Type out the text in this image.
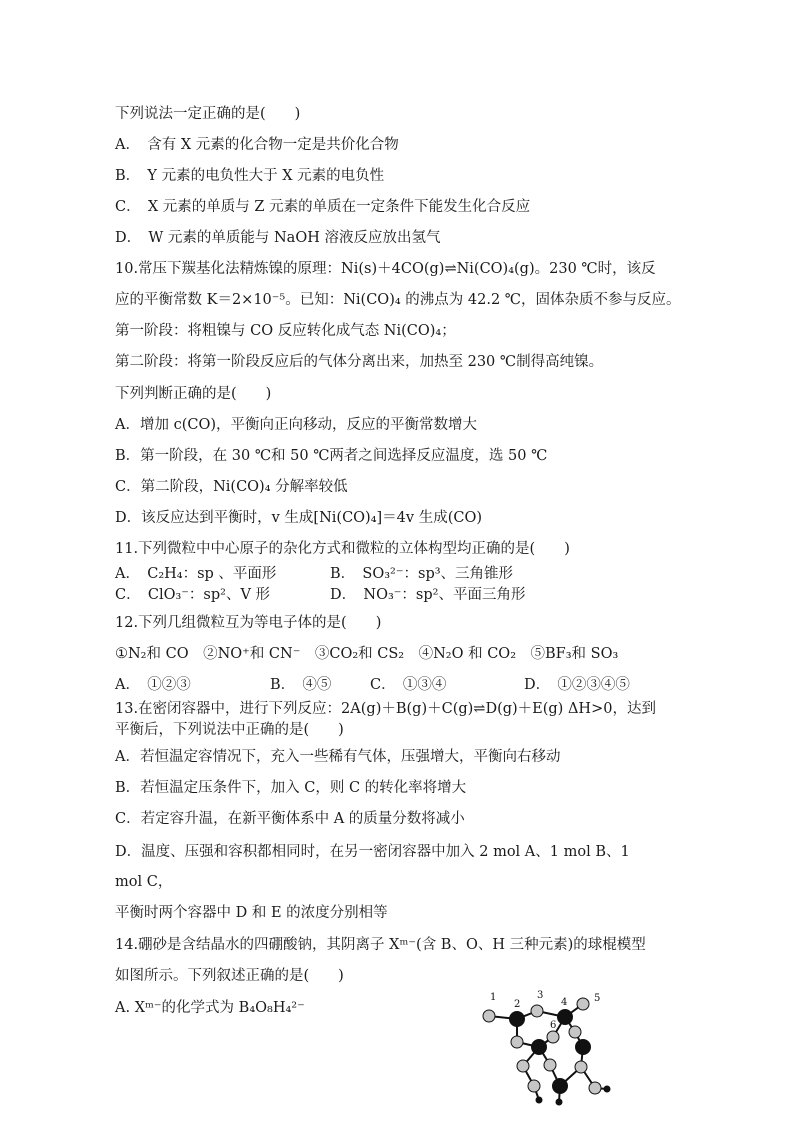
下列说法一定正确的是(　　)
A．　含有 X 元素的化合物一定是共价化合物
B．　Y 元素的电负性大于 X 元素的电负性
C．　X 元素的单质与 Z 元素的单质在一定条件下能发生化合反应
D．　W 元素的单质能与 NaOH 溶液反应放出氢气
10.常压下羰基化法精炼镍的原理：Ni(s)＋4CO(g)⇌Ni(CO)₄(g)。230 ℃时，该反
应的平衡常数 K＝2×10⁻⁵。已知：Ni(CO)₄ 的沸点为 42.2 ℃，固体杂质不参与反应。
第一阶段：将粗镍与 CO 反应转化成气态 Ni(CO)₄；
第二阶段：将第一阶段反应后的气体分离出来，加热至 230 ℃制得高纯镍。
下列判断正确的是(　　)
A．增加 c(CO)，平衡向正向移动，反应的平衡常数增大
B．第一阶段，在 30 ℃和 50 ℃两者之间选择反应温度，选 50 ℃
C．第二阶段，Ni(CO)₄ 分解率较低
D．该反应达到平衡时，v 生成[Ni(CO)₄]＝4v 生成(CO)
11.下列微粒中中心原子的杂化方式和微粒的立体构型均正确的是(　　)
A．　C₂H₄：sp 、平面形	B．　SO₃²⁻：sp³、三角锥形
C．　ClO₃⁻：sp²、V 形	D．　NO₃⁻：sp²、平面三角形
12.下列几组微粒互为等电子体的是(　　)
①N₂和 CO　②NO⁺和 CN⁻　③CO₂和 CS₂　④N₂O 和 CO₂　⑤BF₃和 SO₃
A．　①②③	B．　④⑤	C．　①③④	D．　①②③④⑤
13.在密闭容器中，进行下列反应：2A(g)＋B(g)＋C(g)⇌D(g)＋E(g) ΔH>0，达到
平衡后，下列说法中正确的是(　　)
A．若恒温定容情况下，充入一些稀有气体，压强增大，平衡向右移动
B．若恒温定压条件下，加入 C，则 C 的转化率将增大
C．若定容升温，在新平衡体系中 A 的质量分数将减小
D．温度、压强和容积都相同时，在另一密闭容器中加入 2 mol A、1 mol B、1
mol C，
平衡时两个容器中 D 和 E 的浓度分别相等
14.硼砂是含结晶水的四硼酸钠，其阴离子 Xᵐ⁻(含 B、O、H 三种元素)的球棍模型
如图所示。下列叙述正确的是(　　)
A. Xᵐ⁻的化学式为 B₄O₈H₄²⁻
1
2
3
4	5
6
